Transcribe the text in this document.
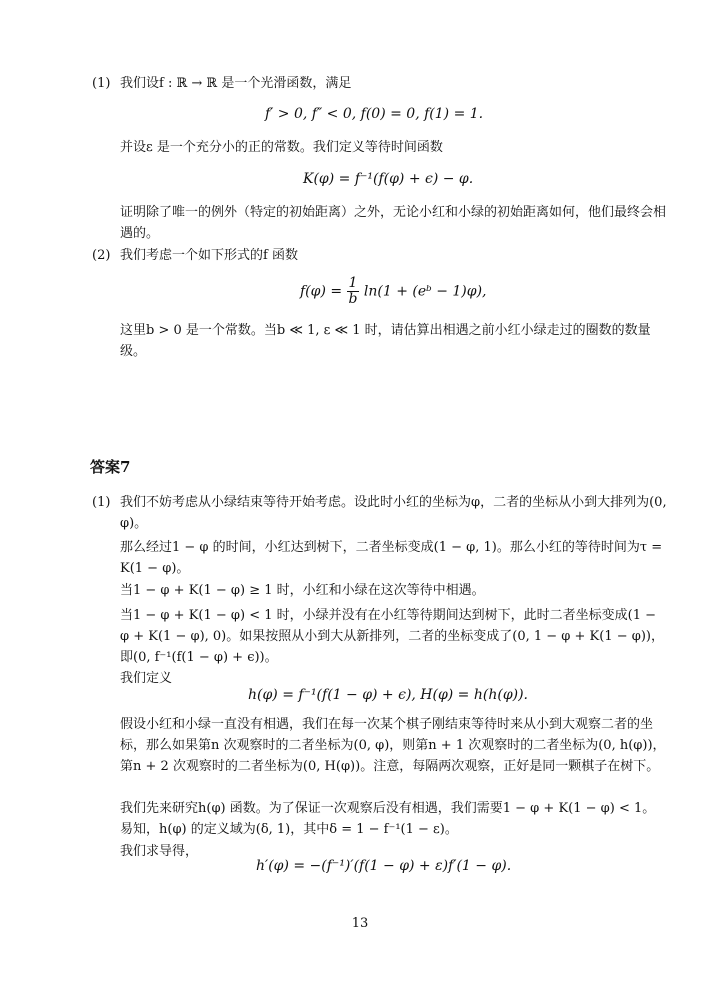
(1) 我们设f : ℝ → ℝ 是一个光滑函数，满足

f′ > 0, f″ < 0, f(0) = 0, f(1) = 1.

并设ε 是一个充分小的正的常数。我们定义等待时间函数

K(φ) = f⁻¹(f(φ) + ϵ) − φ.

证明除了唯一的例外（特定的初始距离）之外，无论小红和小绿的初始距离如何，他们最终会相遇的。

(2) 我们考虑一个如下形式的f 函数

$f(\varphi) = \frac{1}{b} \ln(1$ + (eᵇ − 1)φ),

这里b > 0 是一个常数。当b ≪ 1, ε ≪ 1 时，请估算出相遇之前小红小绿走过的圈数的数量级。

答案7
(1) 我们不妨考虑从小绿结束等待开始考虑。设此时小红的坐标为φ，二者的坐标从小到大排列为(0, φ)。

那么经过1 − φ 的时间，小红达到树下，二者坐标变成(1 − φ, 1)。那么小红的等待时间为τ = K(1 − φ)。

当1 − φ + K(1 − φ) ≥ 1 时，小红和小绿在这次等待中相遇。

当1 − φ + K(1 − φ) < 1 时，小绿并没有在小红等待期间达到树下，此时二者坐标变成(1 − φ + K(1 − φ), 0)。如果按照从小到大从新排列，二者的坐标变成了(0, 1 − φ + K(1 − φ))，即(0, f⁻¹(f(1 − φ) + ϵ))。

我们定义

h(φ) = f⁻¹(f(1 − φ) + ϵ), H(φ) = h(h(φ)).

假设小红和小绿一直没有相遇，我们在每一次某个棋子刚结束等待时来从小到大观察二者的坐标，那么如果第n 次观察时的二者坐标为(0, φ)，则第n + 1 次观察时的二者坐标为(0, h(φ))，第n + 2 次观察时的二者坐标为(0, H(φ))。注意，每隔两次观察，正好是同一颗棋子在树下。

我们先来研究h(φ) 函数。为了保证一次观察后没有相遇，我们需要1 − φ + K(1 − φ) < 1。易知，h(φ) 的定义域为(δ, 1)，其中δ = 1 − f⁻¹(1 − ε)。

我们求导得，

h′(φ) = −(f⁻¹)′(f(1 − φ) + ε)f′(1 − φ).
13
